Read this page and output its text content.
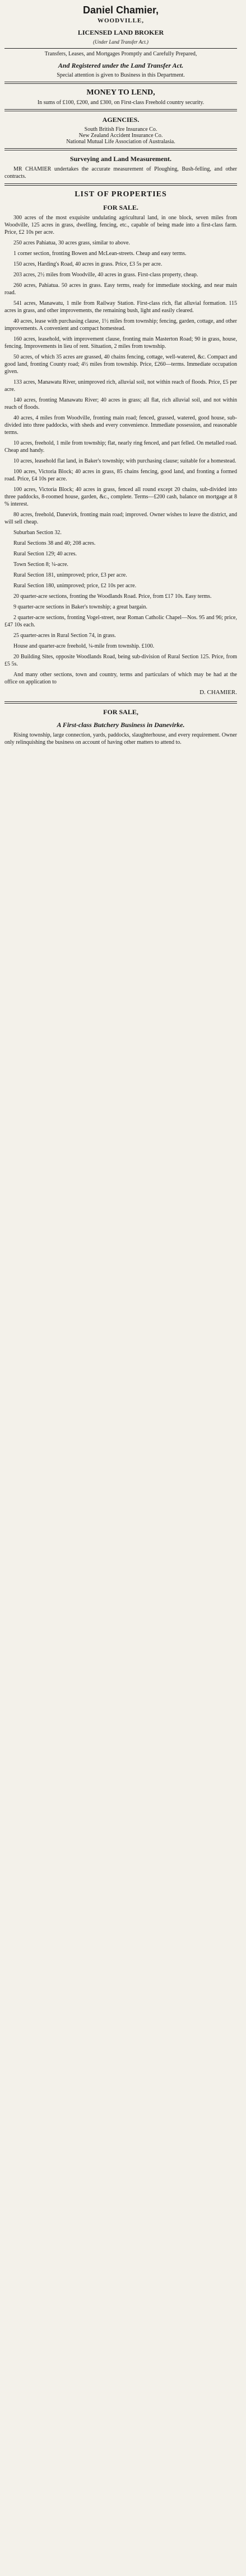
Daniel Chamier,
WOODVILLE,
LICENSED LAND BROKER
(Under Land Transfer Act.)
Transfers, Leases, and Mortgages Promptly and Carefully Prepared,
And Registered under the Land Transfer Act.
Special attention is given to Business in this Department.
MONEY TO LEND,
In sums of £100, £200, and £300, on First-class Freehold country security.
AGENCIES.
South British Fire Insurance Co.
New Zealand Accident Insurance Co.
National Mutual Life Association of Australasia.
Surveying and Land Measurement.

MR CHAMIER undertakes the accurate measurement of Ploughing, Bush-felling, and other contracts.

LIST OF PROPERTIES
FOR SALE.

300 acres of the most exquisite undulating agricultural land, in one block, seven miles from Woodville, 125 acres in grass, dwelling, fencing, etc., capable of being made into a first-class farm. Price, £2 10s per acre.

250 acres Pahiatua, 30 acres grass, similar to above.

1 corner section, fronting Bowen and McLean-streets. Cheap and easy terms.

150 acres, Harding's Road, 40 acres in grass. Price, £3 5s per acre.

203 acres, 2½ miles from Woodville, 40 acres in grass. First-class property, cheap.

260 acres, Pahiatua. 50 acres in grass. Easy terms, ready for immediate stocking, and near main road.

541 acres, Manawatu, 1 mile from Railway Station. First-class rich, flat alluvial formation. 115 acres in grass, and other improvements, the remaining bush, light and easily cleared.

40 acres, lease with purchasing clause, 1½ miles from township; fencing, garden, cottage, and other improvements. A convenient and compact homestead.

160 acres, leasehold, with improvement clause, fronting main Masterton Road; 90 in grass, house, fencing. Improvements in lieu of rent. Situation, 2 miles from township.

50 acres, of which 35 acres are grassed, 40 chains fencing, cottage, well-watered, &c. Compact and good land, fronting County road; 4½ miles from township. Price, £260—terms. Immediate occupation given.

133 acres, Manawatu River, unimproved rich, alluvial soil, not within reach of floods. Price, £5 per acre.

140 acres, fronting Manawatu River; 40 acres in grass; all flat, rich alluvial soil, and not within reach of floods.

40 acres, 4 miles from Woodville, fronting main road; fenced, grassed, watered, good house, sub-divided into three paddocks, with sheds and every convenience. Immediate possession, and reasonable terms.

10 acres, freehold, 1 mile from township; flat, nearly ring fenced, and part felled. On metalled road. Cheap and handy.

10 acres, leasehold flat land, in Baker's township; with purchasing clause; suitable for a homestead.

100 acres, Victoria Block; 40 acres in grass, 85 chains fencing, good land, and fronting a formed road. Price, £4 10s per acre.

100 acres, Victoria Block; 40 acres in grass, fenced all round except 20 chains, sub-divided into three paddocks, 8-roomed house, garden, &c., complete. Terms—£200 cash, balance on mortgage at 8 % interest.

80 acres, freehold, Danevirk, fronting main road; improved. Owner wishes to leave the district, and will sell cheap.

Suburban Section 32.

Rural Sections 38 and 40; 208 acres.

Rural Section 129; 40 acres.

Town Section 8; ¼-acre.

Rural Section 181, unimproved; price, £3 per acre.

Rural Section 180, unimproved; price, £2 10s per acre.

20 quarter-acre sections, fronting the Woodlands Road. Price, from £17 10s. Easy terms.

9 quarter-acre sections in Baker's township; a great bargain.

2 quarter-acre sections, fronting Vogel-street, near Roman Catholic Chapel—Nos. 95 and 96; price, £47 10s each.

25 quarter-acres in Rural Section 74, in grass.

House and quarter-acre freehold, ¼-mile from township. £100.

20 Building Sites, opposite Woodlands Road, being sub-division of Rural Section 125. Price, from £5 5s.

And many other sections, town and country, terms and particulars of which may be had at the office on application to

D. CHAMIER.
FOR SALE,
A First-class Butchery Business in Danevirke.

Rising township, large connection, yards, paddocks, slaughterhouse, and every requirement. Owner only relinquishing the business on account of having other matters to attend to.
